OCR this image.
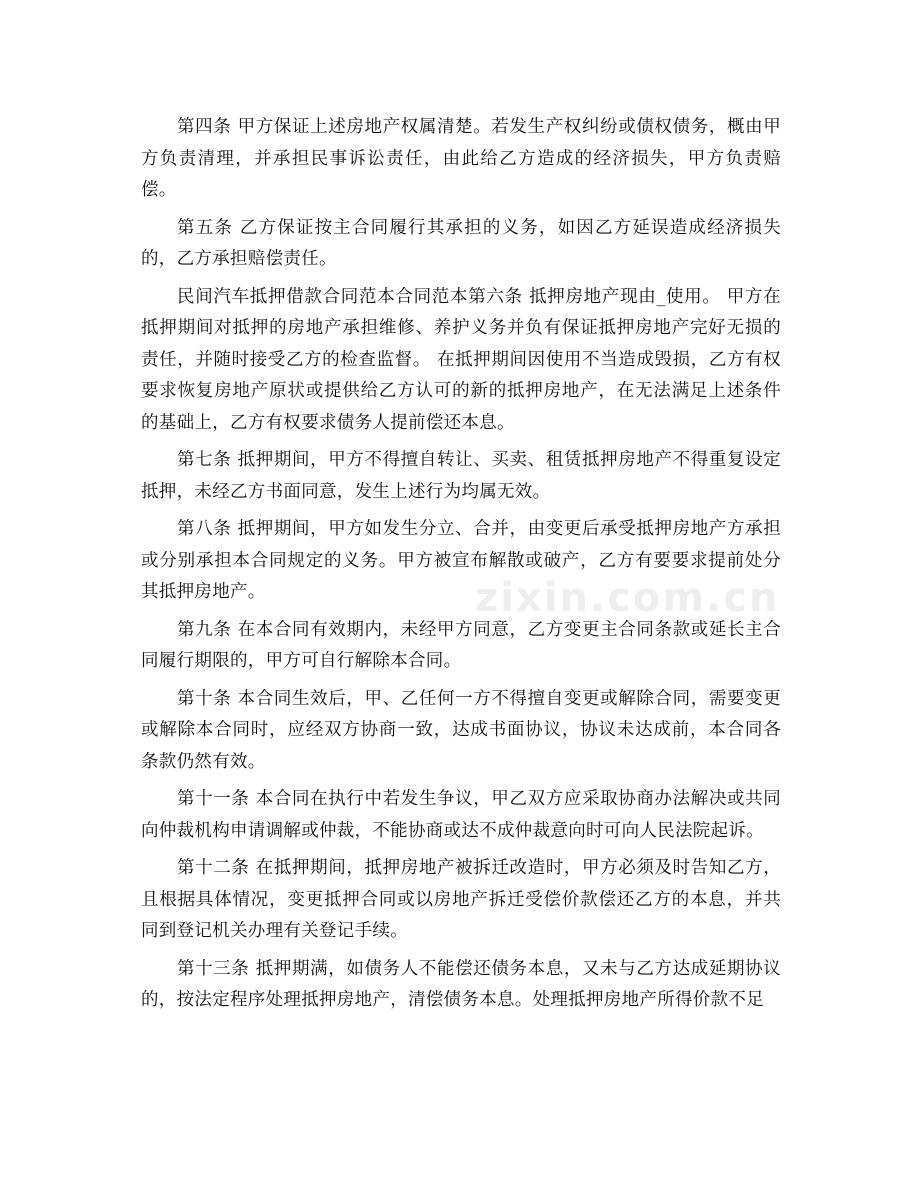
第四条 甲方保证上述房地产权属清楚。若发生产权纠纷或债权债务，概由甲方负责清理，并承担民事诉讼责任，由此给乙方造成的经济损失，甲方负责赔偿。

第五条 乙方保证按主合同履行其承担的义务，如因乙方延误造成经济损失的，乙方承担赔偿责任。

民间汽车抵押借款合同范本合同范本第六条 抵押房地产现由_使用。 甲方在抵押期间对抵押的房地产承担维修、养护义务并负有保证抵押房地产完好无损的责任，并随时接受乙方的检查监督。 在抵押期间因使用不当造成毁损，乙方有权要求恢复房地产原状或提供给乙方认可的新的抵押房地产，在无法满足上述条件的基础上，乙方有权要求债务人提前偿还本息。

第七条 抵押期间，甲方不得擅自转让、买卖、租赁抵押房地产不得重复设定抵押，未经乙方书面同意，发生上述行为均属无效。

第八条 抵押期间，甲方如发生分立、合并，由变更后承受抵押房地产方承担或分别承担本合同规定的义务。甲方被宣布解散或破产，乙方有要要求提前处分其抵押房地产。

第九条 在本合同有效期内，未经甲方同意，乙方变更主合同条款或延长主合同履行期限的，甲方可自行解除本合同。

第十条 本合同生效后，甲、乙任何一方不得擅自变更或解除合同，需要变更或解除本合同时，应经双方协商一致，达成书面协议，协议未达成前，本合同各条款仍然有效。

第十一条 本合同在执行中若发生争议，甲乙双方应采取协商办法解决或共同向仲裁机构申请调解或仲裁，不能协商或达不成仲裁意向时可向人民法院起诉。

第十二条 在抵押期间，抵押房地产被拆迁改造时，甲方必须及时告知乙方，且根据具体情况，变更抵押合同或以房地产拆迁受偿价款偿还乙方的本息，并共同到登记机关办理有关登记手续。

第十三条 抵押期满，如债务人不能偿还债务本息，又未与乙方达成延期协议的，按法定程序处理抵押房地产，清偿债务本息。处理抵押房地产所得价款不足

zixin.com.cn
